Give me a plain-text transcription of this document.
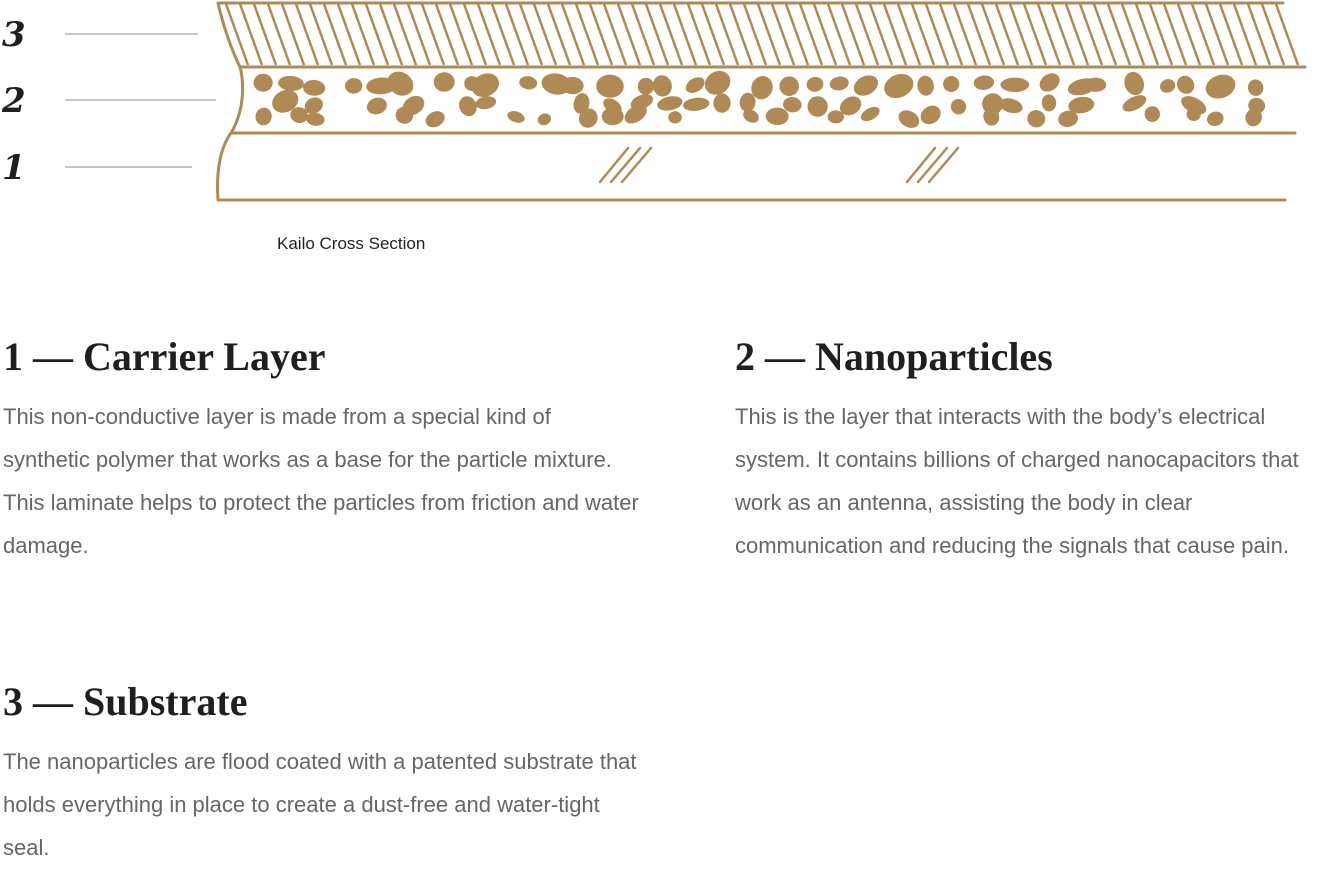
3
2
1
Kailo Cross Section
1 — Carrier Layer

This non-conductive layer is made from a special kind of synthetic polymer that works as a base for the particle mixture. This laminate helps to protect the particles from friction and water damage.

2 — Nanoparticles

This is the layer that interacts with the body’s electrical system. It contains billions of charged nanocapacitors that work as an antenna, assisting the body in clear communication and reducing the signals that cause pain.

3 — Substrate

The nanoparticles are flood coated with a patented substrate that holds everything in place to create a dust-free and water-tight seal.
